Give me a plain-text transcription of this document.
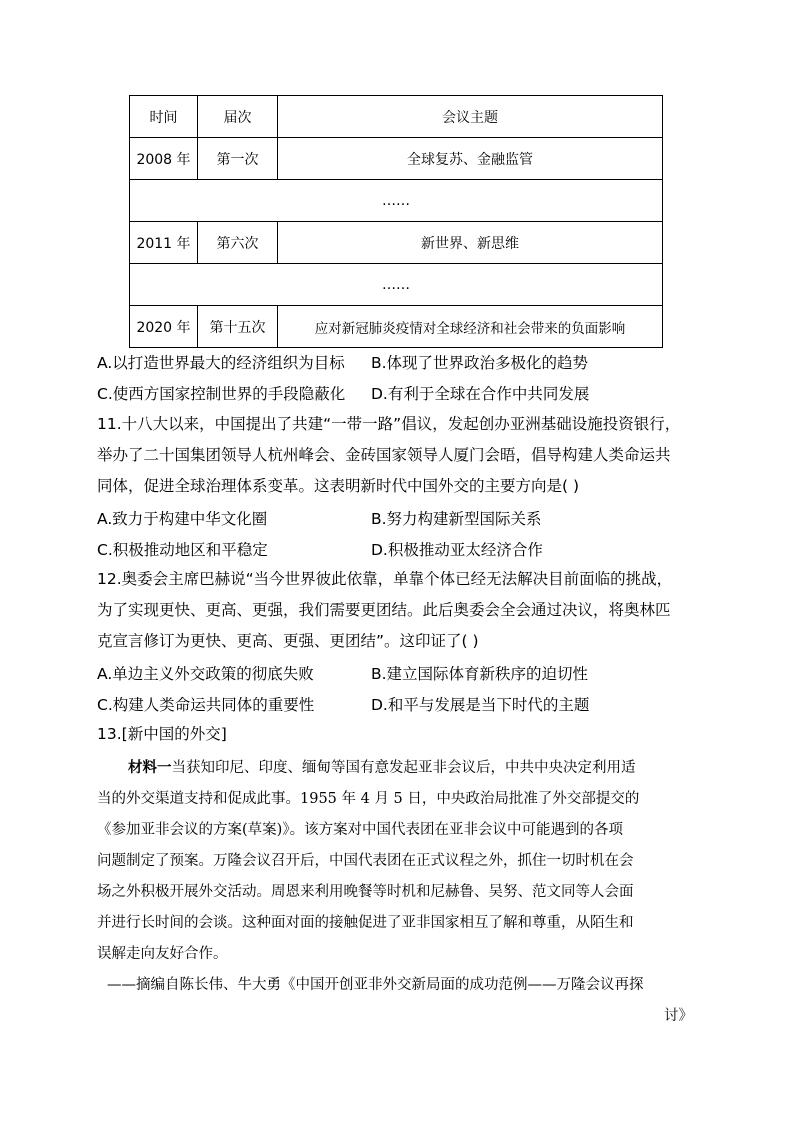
时间	届次	会议主题
2008 年	第一次	全球复苏、金融监管
……		
2011 年	第六次	新世界、新思维
……		
2020 年	第十五次	应对新冠肺炎疫情对全球经济和社会带来的负面影响
A.以打造世界最大的经济组织为目标 B.体现了世界政治多极化的趋势
C.使西方国家控制世界的手段隐蔽化 D.有利于全球在合作中共同发展
11.十八大以来，中国提出了共建“一带一路”倡议，发起创办亚洲基础设施投资银行，
举办了二十国集团领导人杭州峰会、金砖国家领导人厦门会晤，倡导构建人类命运共
同体，促进全球治理体系变革。这表明新时代中国外交的主要方向是( )
A.致力于构建中华文化圈	B.努力构建新型国际关系
C.积极推动地区和平稳定	D.积极推动亚太经济合作
12.奥委会主席巴赫说“当今世界彼此依靠，单靠个体已经无法解决目前面临的挑战，
为了实现更快、更高、更强，我们需要更团结。此后奥委会全会通过决议，将奥林匹
克宣言修订为更快、更高、更强、更团结”。这印证了( )
A.单边主义外交政策的彻底失败	B.建立国际体育新秩序的迫切性
C.构建人类命运共同体的重要性	D.和平与发展是当下时代的主题
13.[新中国的外交]
材料一当获知印尼、印度、缅甸等国有意发起亚非会议后，中共中央决定利用适
当的外交渠道支持和促成此事。1955 年 4 月 5 日，中央政治局批准了外交部提交的
《参加亚非会议的方案(草案)》。该方案对中国代表团在亚非会议中可能遇到的各项
问题制定了预案。万隆会议召开后，中国代表团在正式议程之外，抓住一切时机在会
场之外积极开展外交活动。周恩来利用晚餐等时机和尼赫鲁、吴努、范文同等人会面
并进行长时间的会谈。这种面对面的接触促进了亚非国家相互了解和尊重，从陌生和
误解走向友好合作。
——摘编自陈长伟、牛大勇《中国开创亚非外交新局面的成功范例——万隆会议再探
讨》
